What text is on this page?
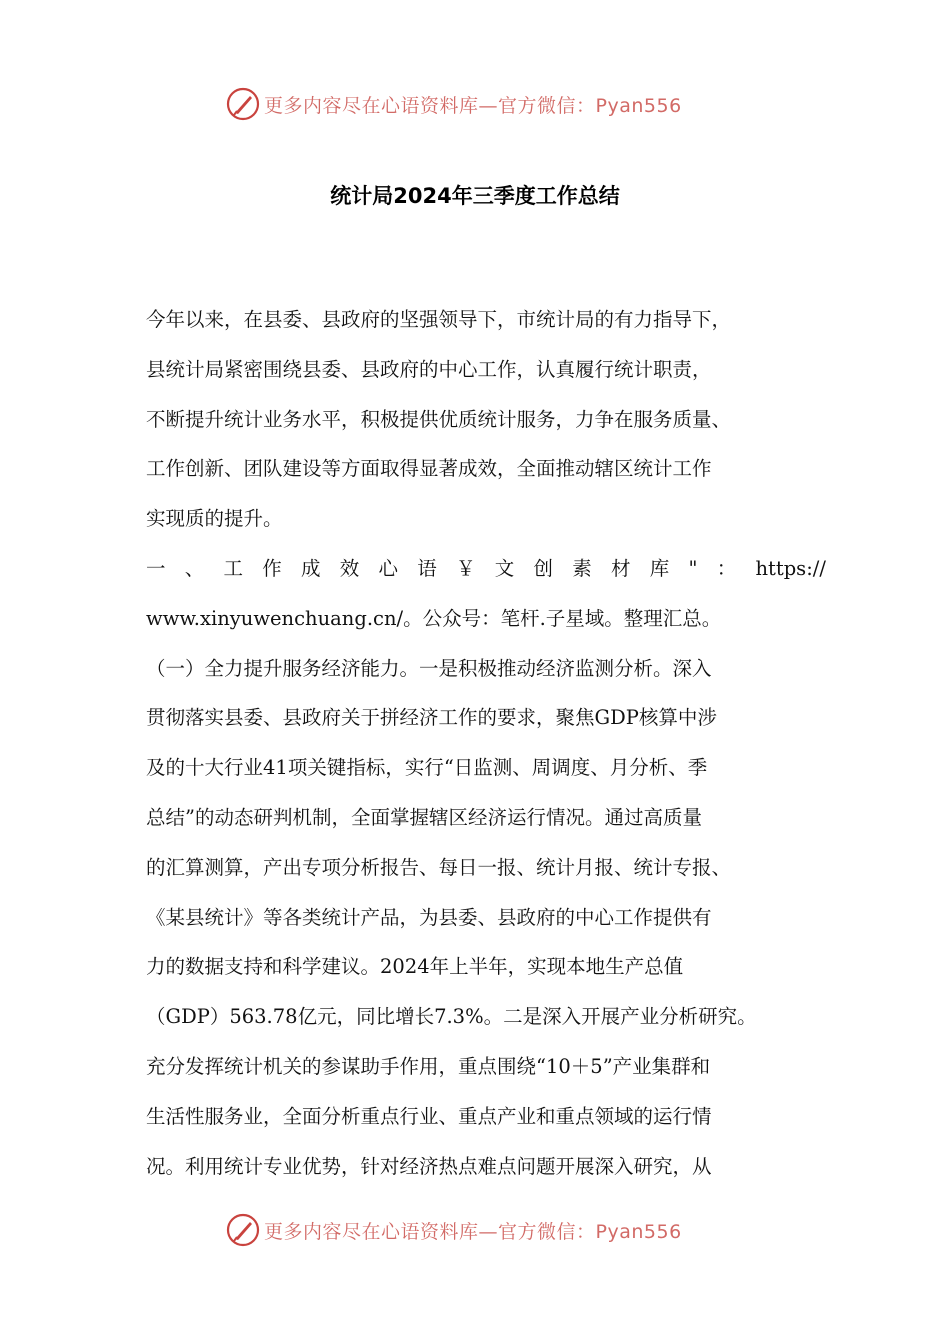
更多内容尽在心语资料库—官方微信：Pyan556
统计局2024年三季度工作总结
今年以来，在县委、县政府的坚强领导下，市统计局的有力指导下，
县统计局紧密围绕县委、县政府的中心工作，认真履行统计职责，
不断提升统计业务水平，积极提供优质统计服务，力争在服务质量、
工作创新、团队建设等方面取得显著成效，全面推动辖区统计工作
实现质的提升。
一 、 工 作 成 效 心 语 ￥ 文 创 素 材 库 " ： https://
www.xinyuwenchuang.cn/。公众号：笔杆.子星域。整理汇总。
（一）全力提升服务经济能力。一是积极推动经济监测分析。深入
贯彻落实县委、县政府关于拼经济工作的要求，聚焦GDP核算中涉
及的十大行业41项关键指标，实行“日监测、周调度、月分析、季
总结”的动态研判机制，全面掌握辖区经济运行情况。通过高质量
的汇算测算，产出专项分析报告、每日一报、统计月报、统计专报、
《某县统计》等各类统计产品，为县委、县政府的中心工作提供有
力的数据支持和科学建议。2024年上半年，实现本地生产总值
（GDP）563.78亿元，同比增长7.3%。二是深入开展产业分析研究。
充分发挥统计机关的参谋助手作用，重点围绕“10＋5”产业集群和
生活性服务业，全面分析重点行业、重点产业和重点领域的运行情
况。利用统计专业优势，针对经济热点难点问题开展深入研究，从
更多内容尽在心语资料库—官方微信：Pyan556
